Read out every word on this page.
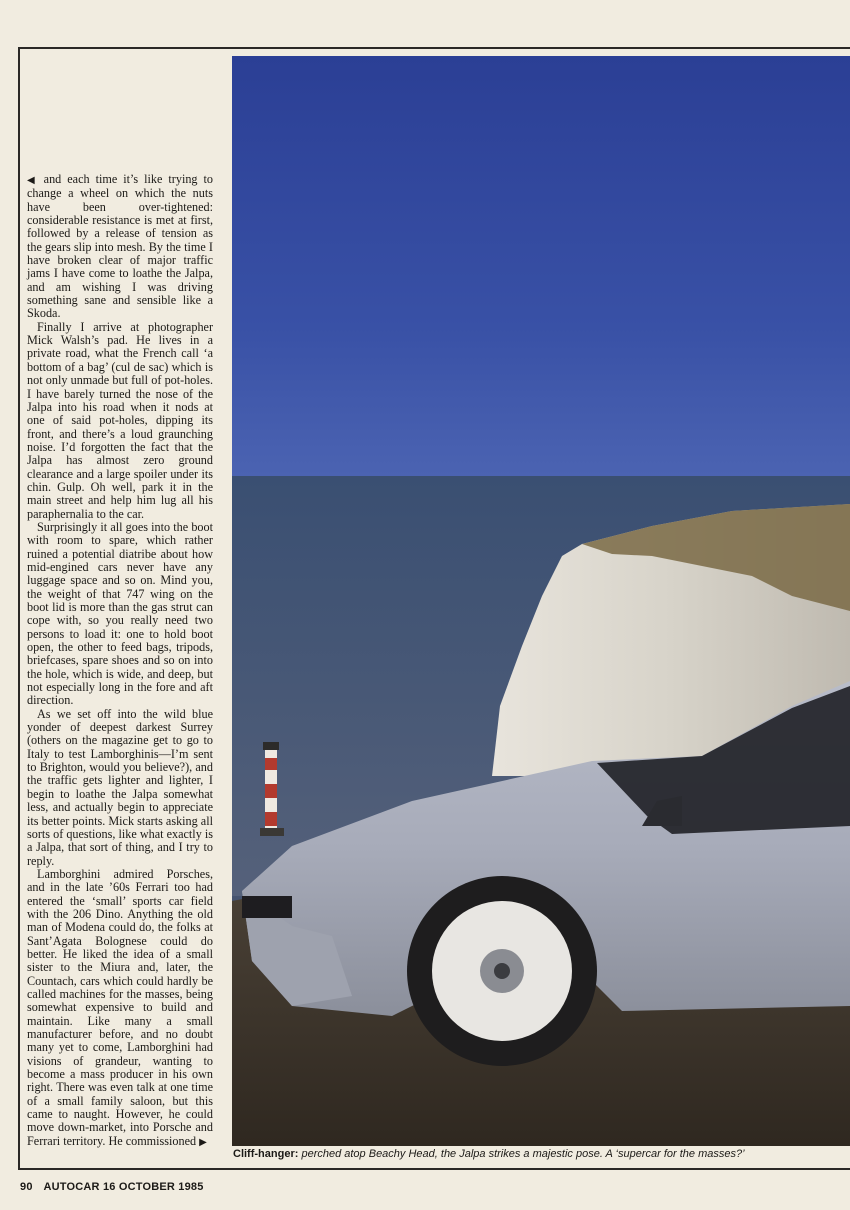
◀ and each time it’s like trying to change a wheel on which the nuts have been over-tightened: considerable resistance is met at first, followed by a release of tension as the gears slip into mesh. By the time I have broken clear of major traffic jams I have come to loathe the Jalpa, and am wishing I was driving something sane and sensible like a Skoda.

Finally I arrive at photographer Mick Walsh’s pad. He lives in a private road, what the French call ‘a bottom of a bag’ (cul de sac) which is not only unmade but full of pot-holes. I have barely turned the nose of the Jalpa into his road when it nods at one of said pot-holes, dipping its front, and there’s a loud graunching noise. I’d forgotten the fact that the Jalpa has almost zero ground clearance and a large spoiler under its chin. Gulp. Oh well, park it in the main street and help him lug all his paraphernalia to the car.

Surprisingly it all goes into the boot with room to spare, which rather ruined a potential diatribe about how mid-engined cars never have any luggage space and so on. Mind you, the weight of that 747 wing on the boot lid is more than the gas strut can cope with, so you really need two persons to load it: one to hold boot open, the other to feed bags, tripods, briefcases, spare shoes and so on into the hole, which is wide, and deep, but not especially long in the fore and aft direction.

As we set off into the wild blue yonder of deepest darkest Surrey (others on the magazine get to go to Italy to test Lamborghinis—I’m sent to Brighton, would you believe?), and the traffic gets lighter and lighter, I begin to loathe the Jalpa somewhat less, and actually begin to appreciate its better points. Mick starts asking all sorts of questions, like what exactly is a Jalpa, that sort of thing, and I try to reply.

Lamborghini admired Porsches, and in the late ’60s Ferrari too had entered the ‘small’ sports car field with the 206 Dino. Anything the old man of Modena could do, the folks at Sant’Agata Bolognese could do better. He liked the idea of a small sister to the Miura and, later, the Countach, cars which could hardly be called machines for the masses, being somewhat expensive to build and maintain. Like many a small manufacturer before, and no doubt many yet to come, Lamborghini had visions of grandeur, wanting to become a mass producer in his own right. There was even talk at one time of a small family saloon, but this came to naught. However, he could move down-market, into Porsche and Ferrari territory. He commissioned ▶

Cliff-hanger: perched atop Beachy Head, the Jalpa strikes a majestic pose. A ‘supercar for the masses?’
90 AUTOCAR 16 OCTOBER 1985
